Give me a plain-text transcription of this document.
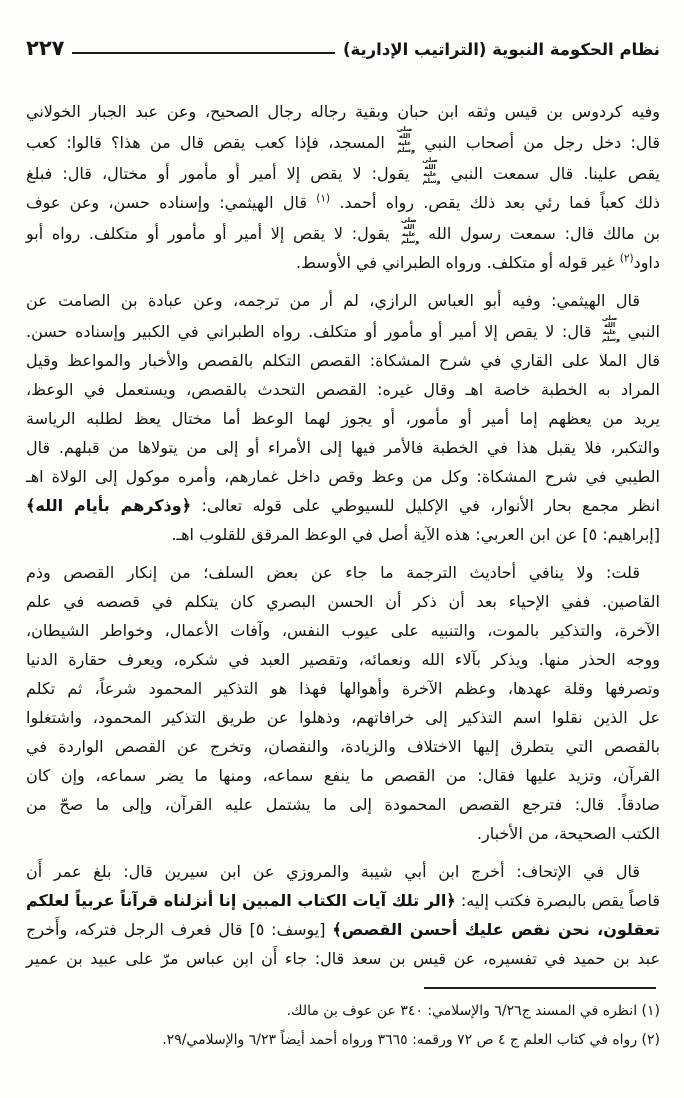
نظام الحكومة النبوية (التراتيب الإدارية)
٢٢٧
وفيه كردوس بن قيس وثقه ابن حبان وبقية رجاله رجال الصحيح، وعن عبد الجبار الخولاني
قال: دخل رجل من أصحاب النبي صلى الله عليه وسلم المسجد، فإذا كعب يقص قال من هذا؟ قالوا: كعب
يقص علينا. قال سمعت النبي صلى الله عليه وسلم يقول: لا يقص إلا أمير أو مأمور أو مختال، قال: فبلغ
ذلك كعباً فما رئي بعد ذلك يقص. رواه أحمد. $^{(١)}$ قال الهيثمي: وإسناده حسن، وعن عوف
بن مالك قال: سمعت رسول الله صلى الله عليه وسلم يقول: لا يقص إلا أمير أو مأمور أو متكلف. رواه أبو
داود$^{(٢)}$ غير قوله أو متكلف. ورواه الطبراني في الأوسط.
قال الهيثمي: وفيه أبو العباس الرازي، لم أر من ترجمه، وعن عبادة بن الصامت عن
النبي صلى الله عليه وسلم قال: لا يقص إلا أمير أو مأمور أو متكلف. رواه الطبراني في الكبير وإسناده حسن.
قال الملا على القاري في شرح المشكاة: القصص التكلم بالقصص والأخبار والمواعظ وقيل
المراد به الخطبة خاصة اهـ وقال غيره: القصص التحدث بالقصص، ويستعمل في الوعظ،
يريد من يعظهم إما أمير أو مأمور، أو يجوز لهما الوعظ أما مختال يعظ لطلبه الرياسة
والتكبر، فلا يقبل هذا في الخطبة فالأمر فيها إلى الأمراء أو إلى من يتولاها من قبلهم. قال
الطيبي في شرح المشكاة: وكل من وعظ وقص داخل غمارهم، وأمره موكول إلى الولاة اهـ
انظر مجمع بحار الأنوار، في الإكليل للسيوطي على قوله تعالى: ﴿وذكرهم بأيام الله﴾
[إبراهيم: ٥] عن ابن العربي: هذه الآية أصل في الوعظ المرقق للقلوب اهـ.
قلت: ولا ينافي أحاديث الترجمة ما جاء عن بعض السلف؛ من إنكار القصص وذم
القاصين. ففي الإحياء بعد أن ذكر أن الحسن البصري كان يتكلم في قصصه في علم
الآخرة، والتذكير بالموت، والتنبيه على عيوب النفس، وآفات الأعمال، وخواطر الشيطان،
ووجه الحذر منها. ويذكر بآلاء الله ونعمائه، وتقصير العبد في شكره، ويعرف حقارة الدنيا
وتصرفها وقلة عهدها، وعظم الآخرة وأهوالها فهذا هو التذكير المحمود شرعاً، ثم تكلم
عل الذين نقلوا اسم التذكير إلى خرافاتهم، وذهلوا عن طريق التذكير المحمود، واشتغلوا
بالقصص التي يتطرق إليها الاختلاف والزيادة، والنقصان، وتخرج عن القصص الواردة في
القرآن، وتزيد عليها فقال: من القصص ما ينفع سماعه، ومنها ما يضر سماعه، وإن كان
صادقاً. قال: فترجع القصص المحمودة إلى ما يشتمل عليه القرآن، وإلى ما صحّ من
الكتب الصحيحة، من الأخبار.
قال في الإتحاف: أخرج ابن أبي شيبة والمروزي عن ابن سيرين قال: بلغ عمر أَن
قاصاً يقص بالبصرة فكتب إليه: ﴿الر تلك آيات الكتاب المبين إنا أنزلناه قرآناً عربياً لعلكم
تعقلون، نحن نقص عليك أحسن القصص﴾ [يوسف: ٥] قال فعرف الرجل فتركه، وأَخرج
عبد بن حميد في تفسيره، عن قيس بن سعد قال: جاء أَن ابن عباس مرّ على عبيد بن عمير
(١) انظره في المسند ج٦/٢٦ والإسلامي: ٣٤٠ عن عوف بن مالك.
(٢) رواه في كتاب العلم ج ٤ ص ٧٢ ورقمه: ٣٦٦٥ ورواه أحمد أيضاً ٦/٢٣ والإسلامي/٢٩.
